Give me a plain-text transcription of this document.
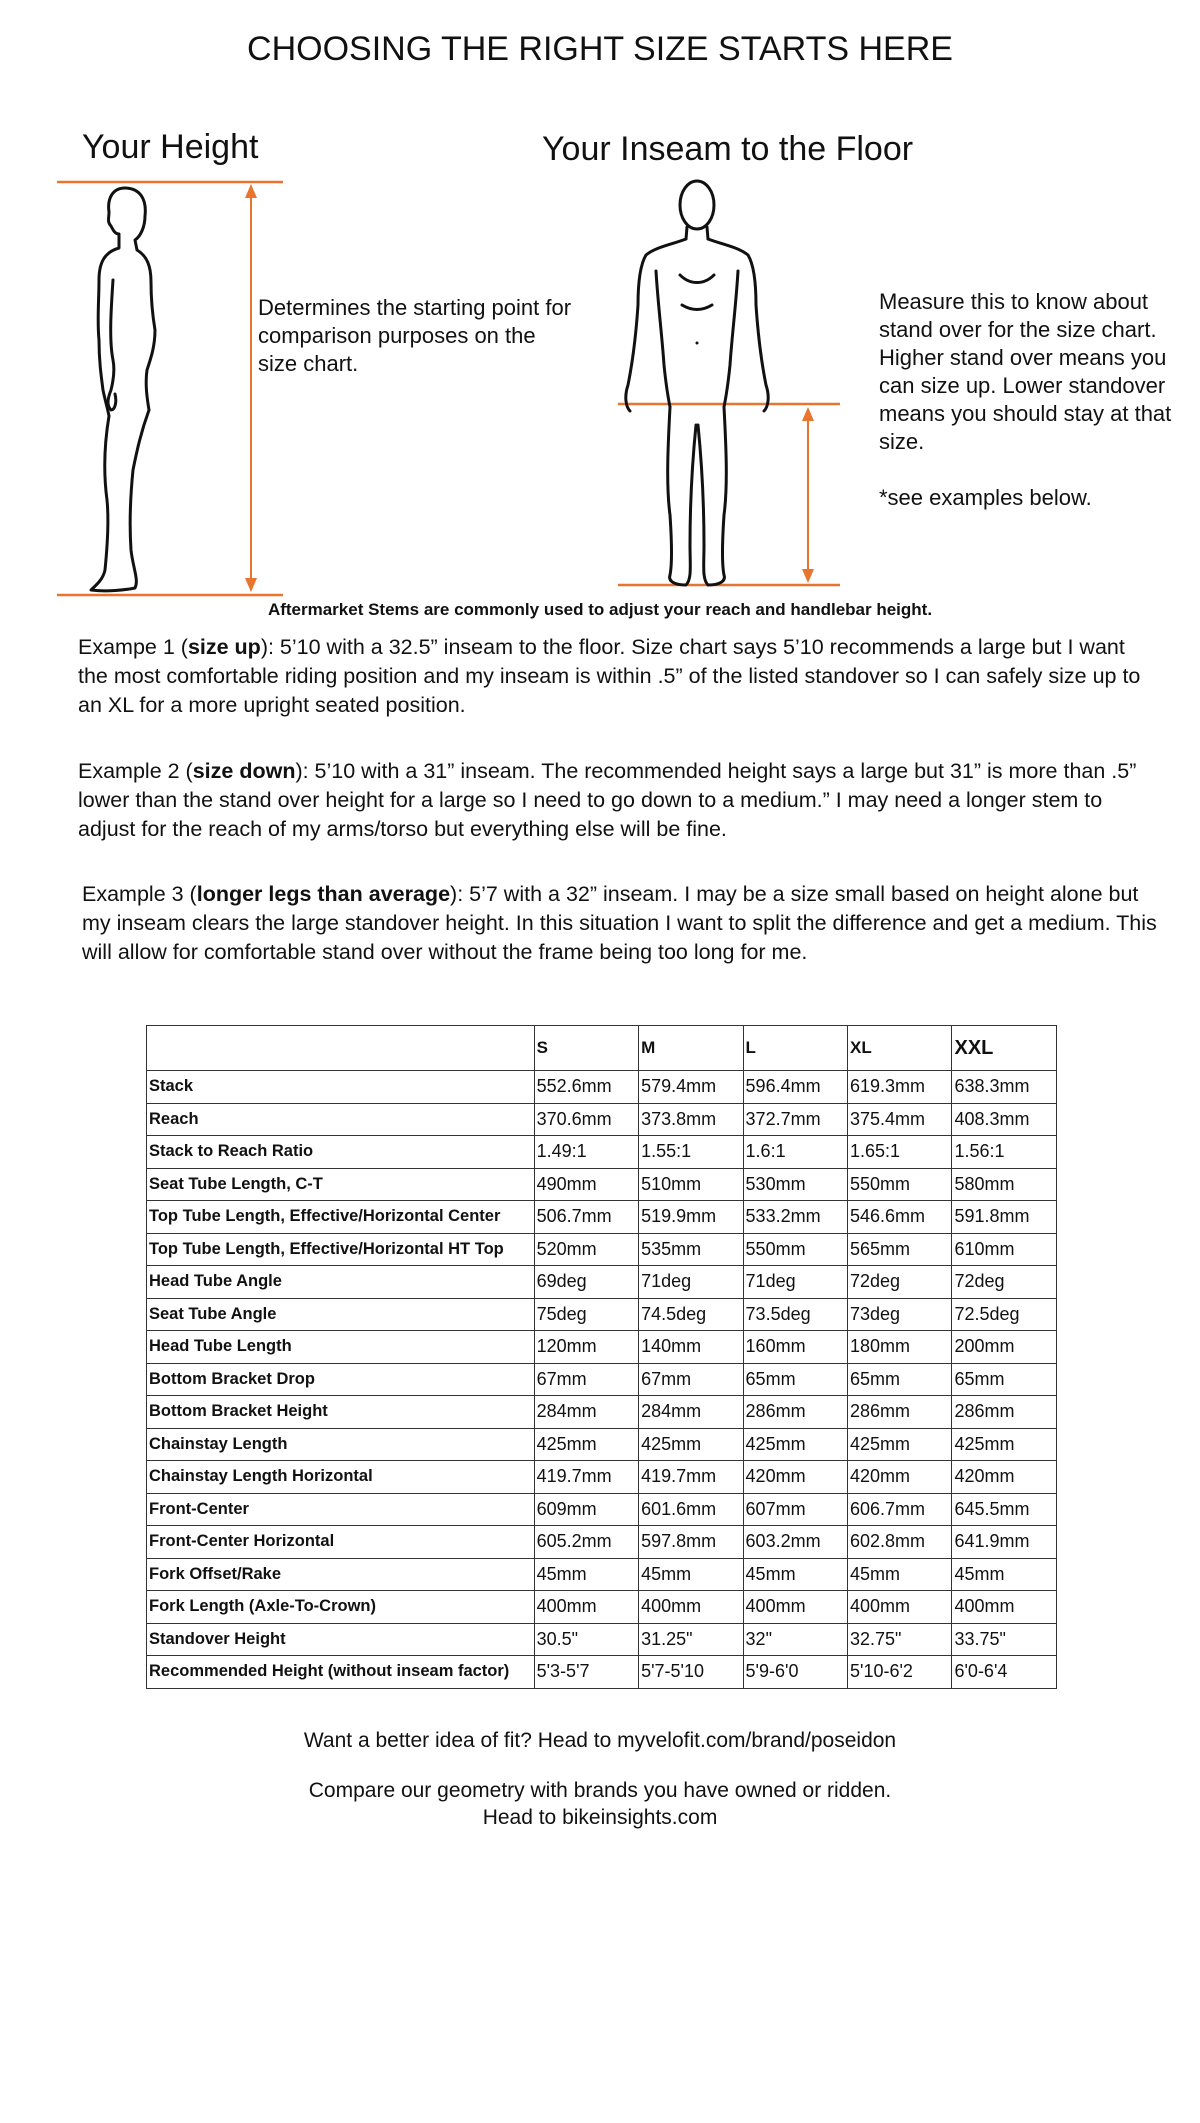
CHOOSING THE RIGHT SIZE STARTS HERE
Your Height	Your Inseam to the Floor
Determines the starting point for comparison purposes on the size chart.

Measure this to know about stand over for the size chart. Higher stand over means you can size up. Lower standover means you should stay at that size.

*see examples below.

Aftermarket Stems are commonly used to adjust your reach and handlebar height.

Exampe 1 (size up): 5’10 with a 32.5” inseam to the floor. Size chart says 5’10 recommends a large but I want the most comfortable riding position and my inseam is within .5” of the listed standover so I can safely size up to an XL for a more upright seated position.

Example 2 (size down): 5’10 with a 31” inseam. The recommended height says a large but 31” is more than .5” lower than the stand over height for a large so I need to go down to a medium.” I may need a longer stem to adjust for the reach of my arms/torso but everything else will be fine.

Example 3 (longer legs than average): 5’7 with a 32” inseam. I may be a size small based on height alone but my inseam clears the large standover height. In this situation I want to split the difference and get a medium. This will allow for comfortable stand over without the frame being too long for me.

	S	M	L	XL	XXL
Stack	552.6mm	579.4mm	596.4mm	619.3mm	638.3mm
Reach	370.6mm	373.8mm	372.7mm	375.4mm	408.3mm
Stack to Reach Ratio	1.49:1	1.55:1	1.6:1	1.65:1	1.56:1
Seat Tube Length, C-T	490mm	510mm	530mm	550mm	580mm
Top Tube Length, Effective/Horizontal Center	506.7mm	519.9mm	533.2mm	546.6mm	591.8mm
Top Tube Length, Effective/Horizontal HT Top	520mm	535mm	550mm	565mm	610mm
Head Tube Angle	69deg	71deg	71deg	72deg	72deg
Seat Tube Angle	75deg	74.5deg	73.5deg	73deg	72.5deg
Head Tube Length	120mm	140mm	160mm	180mm	200mm
Bottom Bracket Drop	67mm	67mm	65mm	65mm	65mm
Bottom Bracket Height	284mm	284mm	286mm	286mm	286mm
Chainstay Length	425mm	425mm	425mm	425mm	425mm
Chainstay Length Horizontal	419.7mm	419.7mm	420mm	420mm	420mm
Front-Center	609mm	601.6mm	607mm	606.7mm	645.5mm
Front-Center Horizontal	605.2mm	597.8mm	603.2mm	602.8mm	641.9mm
Fork Offset/Rake	45mm	45mm	45mm	45mm	45mm
Fork Length (Axle-To-Crown)	400mm	400mm	400mm	400mm	400mm
Standover Height	30.5"	31.25"	32"	32.75"	33.75"
Recommended Height (without inseam factor)	5'3-5'7	5'7-5'10	5'9-6'0	5'10-6'2	6'0-6'4
Want a better idea of fit? Head to myvelofit.com/brand/poseidon
Compare our geometry with brands you have owned or ridden.
Head to bikeinsights.com
